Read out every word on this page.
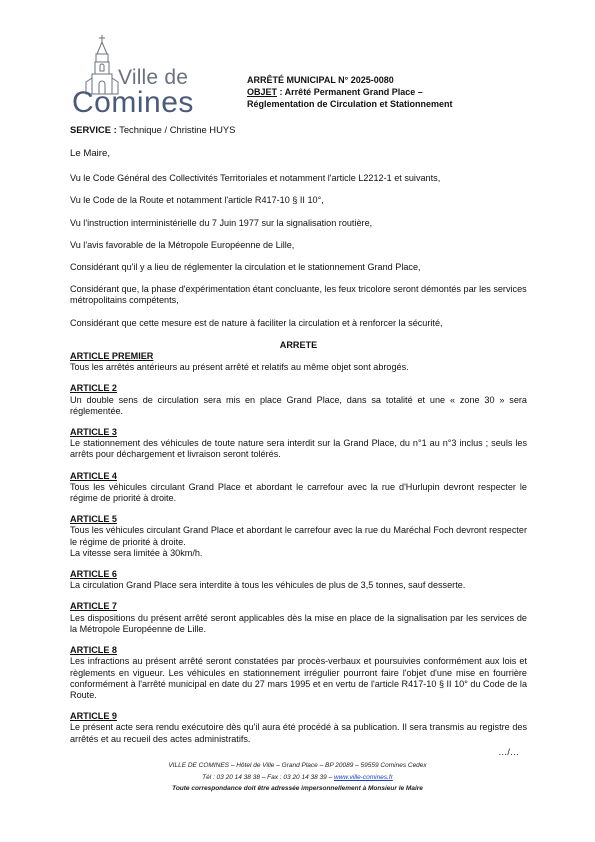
Ville de
Comines
ARRÊTÉ MUNICIPAL N° 2025-0080
OBJET : Arrêté Permanent Grand Place –
Réglementation de Circulation et Stationnement
SERVICE : Technique / Christine HUYS

Le Maire,

Vu le Code Général des Collectivités Territoriales et notamment l'article L2212-1 et suivants,

Vu le Code de la Route et notamment l'article R417-10 § II 10°,

Vu l'instruction interministérielle du 7 Juin 1977 sur la signalisation routière,

Vu l'avis favorable de la Métropole Européenne de Lille,

Considérant qu'il y a lieu de réglementer la circulation et le stationnement Grand Place,

Considérant que, la phase d'expérimentation étant concluante, les feux tricolore seront démontés par les services métropolitains compétents,

Considérant que cette mesure est de nature à faciliter la circulation et à renforcer la sécurité,

ARRETE

ARTICLE PREMIER

Tous les arrêtés antérieurs au présent arrêté et relatifs au même objet sont abrogés.

ARTICLE 2

Un double sens de circulation sera mis en place Grand Place, dans sa totalité et une « zone 30 » sera réglementée.

ARTICLE 3

Le stationnement des véhicules de toute nature sera interdit sur la Grand Place, du n°1 au n°3 inclus ; seuls les arrêts pour déchargement et livraison seront tolérés.

ARTICLE 4

Tous les véhicules circulant Grand Place et abordant le carrefour avec la rue d'Hurlupin devront respecter le régime de priorité à droite.

ARTICLE 5

Tous les véhicules circulant Grand Place et abordant le carrefour avec la rue du Maréchal Foch devront respecter le régime de priorité à droite.

La vitesse sera limitée à 30km/h.

ARTICLE 6

La circulation Grand Place sera interdite à tous les véhicules de plus de 3,5 tonnes, sauf desserte.

ARTICLE 7

Les dispositions du présent arrêté seront applicables dès la mise en place de la signalisation par les services de la Métropole Européenne de Lille.

ARTICLE 8

Les infractions au présent arrêté seront constatées par procès-verbaux et poursuivies conformément aux lois et règlements en vigueur. Les véhicules en stationnement irrégulier pourront faire l'objet d'une mise en fourrière conformément à l'arrêté municipal en date du 27 mars 1995 et en vertu de l'article R417-10 § II 10° du Code de la Route.

ARTICLE 9

Le présent acte sera rendu exécutoire dès qu'il aura été procédé à sa publication. Il sera transmis au registre des arrêtés et au recueil des actes administratifs.

…/…

VILLE DE COMINES – Hôtel de Ville – Grand Place – BP 20089 – 59559 Comines Cedex
Tél : 03 20 14 38 38 – Fax : 03 20 14 38 39 – www.ville-comines.fr
Toute correspondance doit être adressée impersonnellement à Monsieur le Maire
